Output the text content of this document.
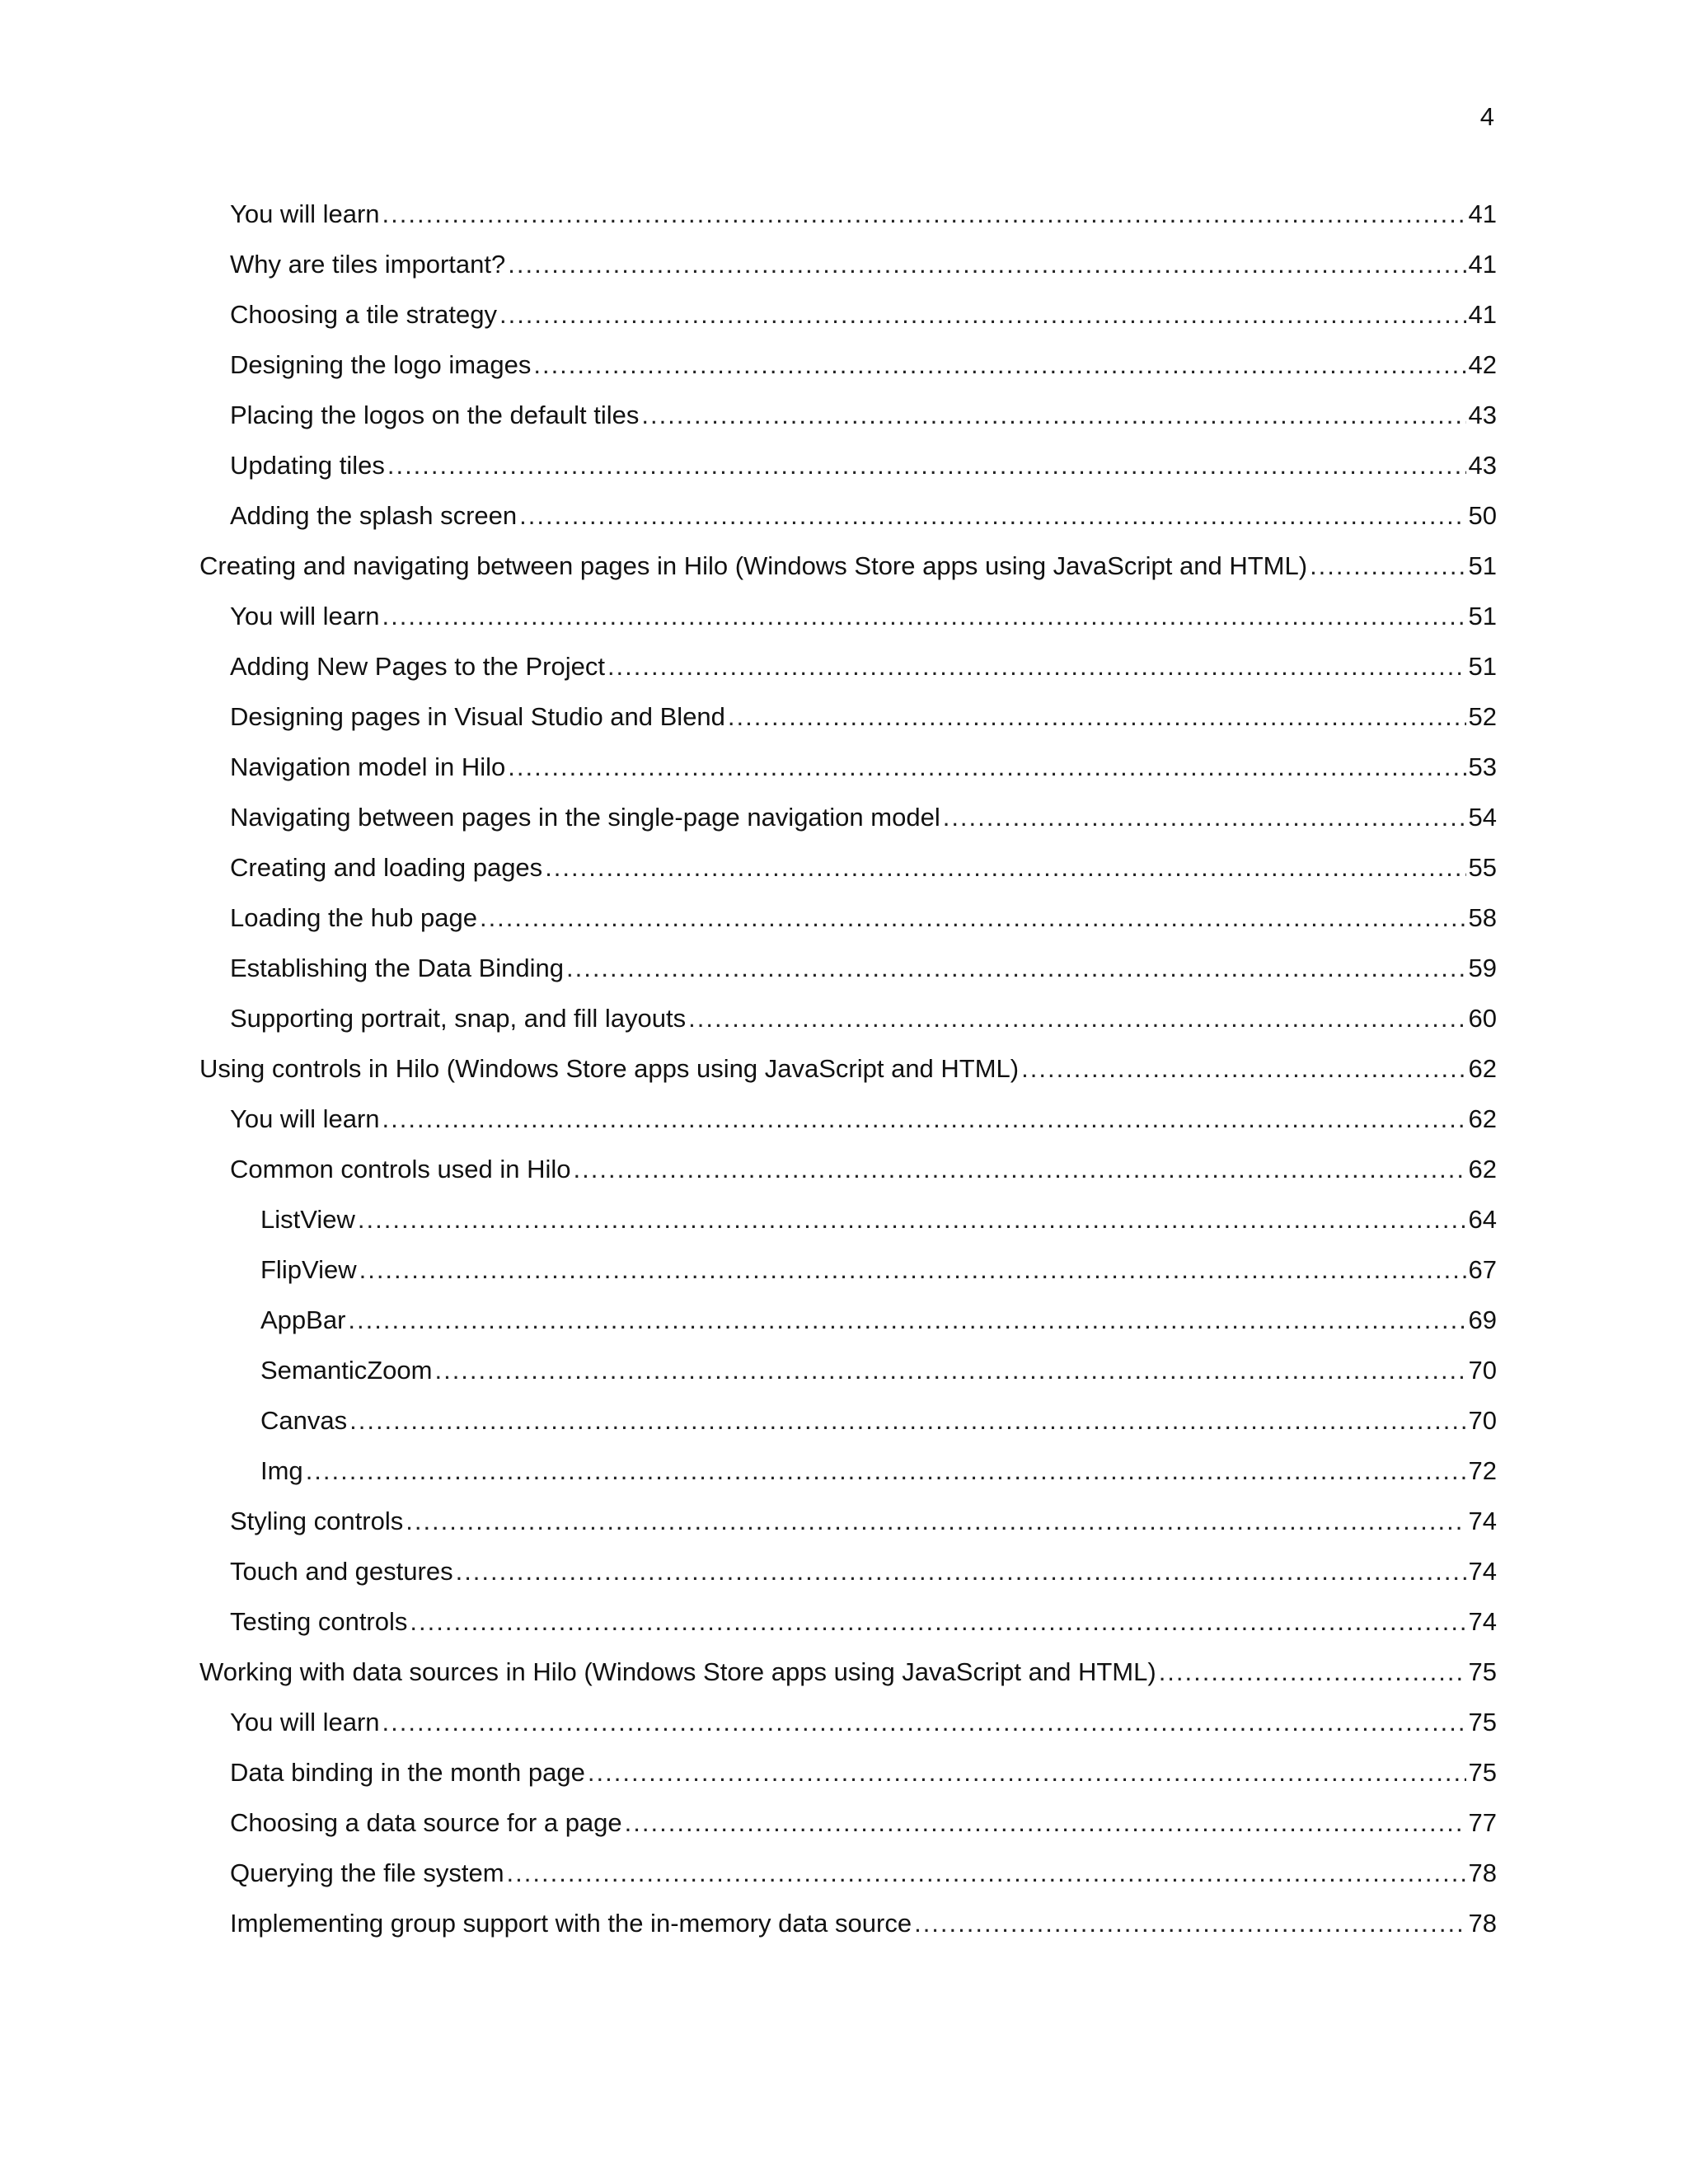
4
You will learn .....	41
Why are tiles important? .....	41
Choosing a tile strategy .....	41
Designing the logo images .....	42
Placing the logos on the default tiles .....	43
Updating tiles .....	43
Adding the splash screen .....	50
Creating and navigating between pages in Hilo (Windows Store apps using JavaScript and HTML) .....	51
You will learn .....	51
Adding New Pages to the Project .....	51
Designing pages in Visual Studio and Blend .....	52
Navigation model in Hilo .....	53
Navigating between pages in the single-page navigation model .....	54
Creating and loading pages .....	55
Loading the hub page .....	58
Establishing the Data Binding .....	59
Supporting portrait, snap, and fill layouts .....	60
Using controls in Hilo (Windows Store apps using JavaScript and HTML) .....	62
You will learn .....	62
Common controls used in Hilo .....	62
ListView .....	64
FlipView .....	67
AppBar .....	69
SemanticZoom .....	70
Canvas .....	70
Img .....	72
Styling controls .....	74
Touch and gestures .....	74
Testing controls .....	74
Working with data sources in Hilo (Windows Store apps using JavaScript and HTML) .....	75
You will learn .....	75
Data binding in the month page .....	75
Choosing a data source for a page .....	77
Querying the file system .....	78
Implementing group support with the in-memory data source .....	78
